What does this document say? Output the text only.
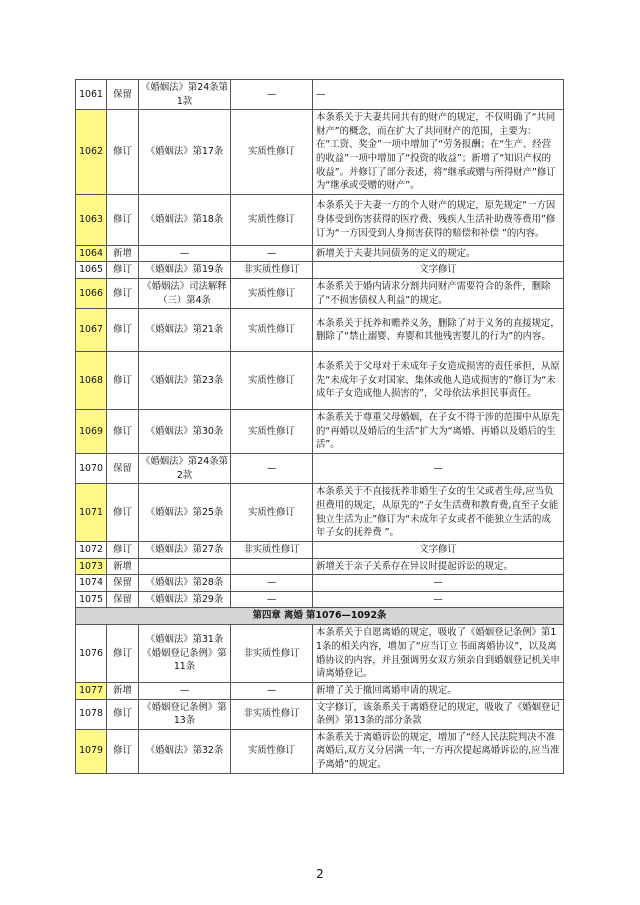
1061	保留	《婚姻法》第24条第1款	—	—
1062	修订	《婚姻法》第17条	实质性修订	本条系关于夫妻共同共有的财产的规定，不仅明确了“共同财产”的概念，而在扩大了共同财产的范围，主要为：在“工资、奖金”一项中增加了“劳务报酬；在“生产、经营的收益”一项中增加了“投资的收益”；新增了“知识产权的收益”。并修订了部分表述，将“继承或赠与所得财产”修订为“继承或受赠的财产”。
1063	修订	《婚姻法》第18条	实质性修订	本条系关于夫妻一方的个人财产的规定，原先规定“一方因身体受到伤害获得的医疗费、残疾人生活补助费等费用”修订为“一方因受到人身损害获得的赔偿和补偿 ”的内容。
1064	新增	—	—	新增关于夫妻共同债务的定义的规定。
1065	修订	《婚姻法》第19条	非实质性修订	文字修订
1066	修订	《婚姻法》司法解释（三）第4条	实质性修订	本条系关于婚内请求分割共同财产需要符合的条件，删除了“不损害债权人利益”的规定。
1067	修订	《婚姻法》第21条	实质性修订	本条系关于抚养和赡养义务，删除了对于义务的直接规定，删除了“禁止溺婴、弃婴和其他残害婴儿的行为”的内容。
1068	修订	《婚姻法》第23条	实质性修订	本条系关于父母对于未成年子女造成损害的责任承担，从原先“未成年子女对国家、集体或他人造成损害的”修订为“未成年子女造成他人损害的”，父母依法承担民事责任。
1069	修订	《婚姻法》第30条	实质性修订	本条系关于尊重父母婚姻，在子女不得干涉的范围中从原先的“再婚以及婚后的生活”扩大为“离婚、再婚以及婚后的生活”。
1070	保留	《婚姻法》第24条第2款	—	—
1071	修订	《婚姻法》第25条	实质性修订	本条系关于不直接抚养非婚生子女的生父或者生母,应当负担费用的规定，从原先的“子女生活费和教育费,直至子女能独立生活为止”修订为“未成年子女或者不能独立生活的成年子女的抚养费 ”。
1072	修订	《婚姻法》第27条	非实质性修订	文字修订
1073	新增			新增关于亲子关系存在异议时提起诉讼的规定。
1074	保留	《婚姻法》第28条	—	—
1075	保留	《婚姻法》第29条	—	—
第四章 离婚 第1076—1092条				
1076	修订	《婚姻法》第31条《婚姻登记条例》第11条	非实质性修订	本条系关于自愿离婚的规定，吸收了《婚姻登记条例》第11条的相关内容，增加了“应当订立书面离婚协议”，以及离婚协议的内容，并且强调男女双方须亲自到婚姻登记机关申请离婚登记。
1077	新增	—	—	新增了关于撤回离婚申请的规定。
1078	修订	《婚姻登记条例》第13条	非实质性修订	文字修订，该条系关于离婚登记的规定，吸收了《婚姻登记条例》第13条的部分条款
1079	修订	《婚姻法》第32条	实质性修订	本条系关于离婚诉讼的规定，增加了“经人民法院判决不准离婚后,双方又分居满一年,一方再次提起离婚诉讼的,应当准予离婚”的规定。
2
